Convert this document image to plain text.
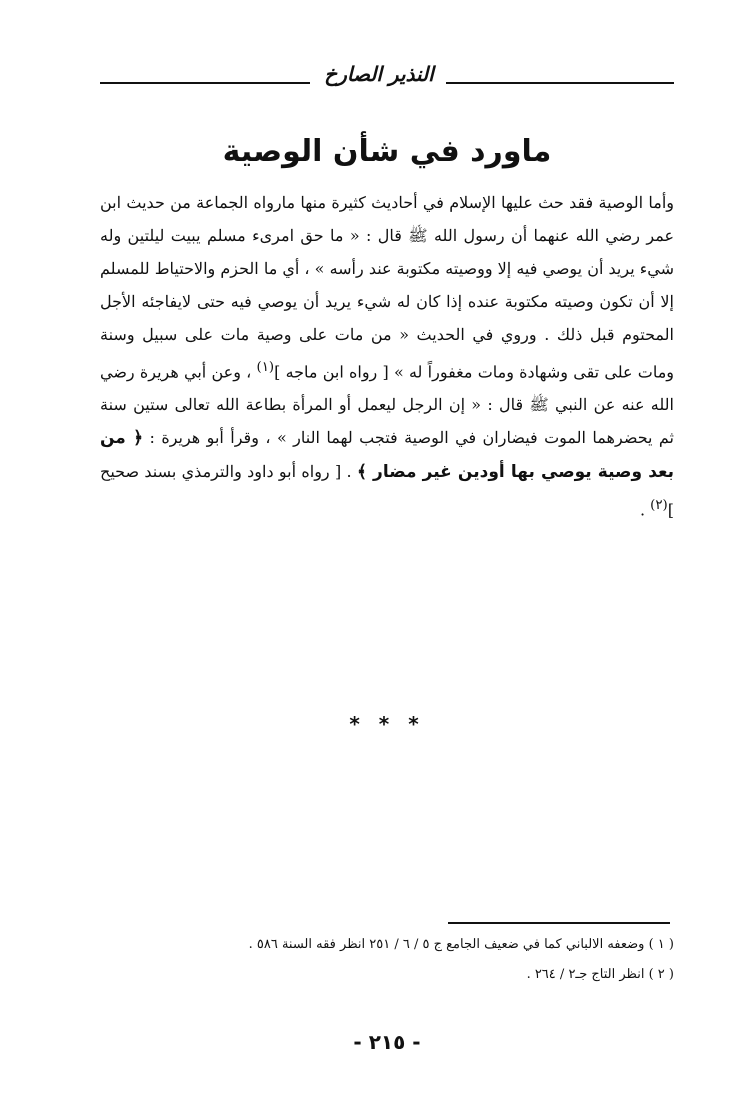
النذير الصارخ
ماورد في شأن الوصية
وأما الوصية فقد حث عليها الإسلام في أحاديث كثيرة منها مارواه الجماعة من حديث ابن عمر رضي الله عنهما أن رسول الله ﷺ قال : « ما حق امرىء مسلم يبيت ليلتين وله شيء يريد أن يوصي فيه إلا ووصيته مكتوبة عند رأسه » ، أي ما الحزم والاحتياط للمسلم إلا أن تكون وصيته مكتوبة عنده إذا كان له شيء يريد أن يوصي فيه حتى لايفاجئه الأجل المحتوم قبل ذلك . وروي في الحديث « من مات على وصية مات على سبيل وسنة ومات على تقى وشهادة ومات مغفوراً له » [ رواه ابن ماجه ]$^{(١)}$ ، وعن أبي هريرة رضي الله عنه عن النبي ﷺ قال : « إن الرجل ليعمل أو المرأة بطاعة الله تعالى ستين سنة ثم يحضرهما الموت فيضاران في الوصية فتجب لهما النار » ، وقرأ أبو هريرة : ﴿ من بعد وصية يوصي بها أودين غير مضار ﴾ . [ رواه أبو داود والترمذي بسند صحيح ]$^{(٢)}$ .
* * *
( ١ ) وضعفه الالباني كما في ضعيف الجامع ج ٥ / ٦ / ٢٥١ انظر فقه السنة ٥٨٦ .
( ٢ ) انظر التاج جـ٢ / ٢٦٤ .
- ٢١٥ -
